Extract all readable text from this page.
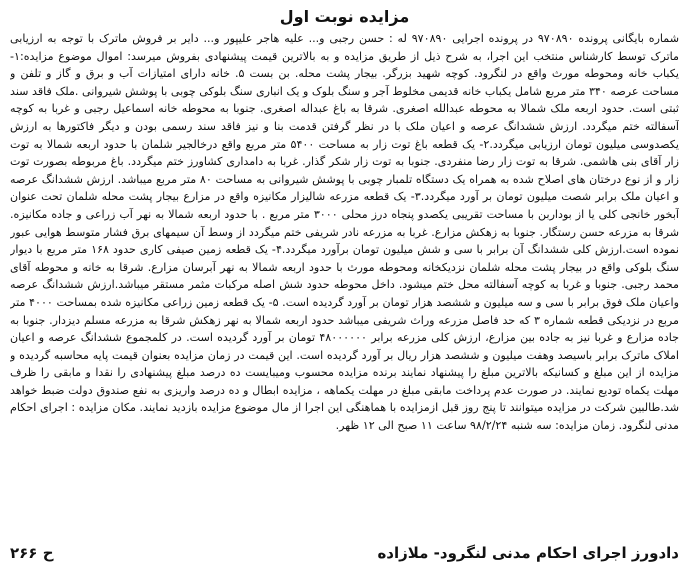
مزایده نوبت اول

شماره بایگانی پرونده ۹۷۰۸۹۰ در پرونده اجرایی ۹۷۰۸۹۰ له : حسن رجبی و... علیه هاجر علیپور و... دایر بر فروش ماترک با توجه به ارزیابی ماترک توسط کارشناس منتخب این اجرا، به شرح ذیل از طریق مزایده و به بالاترین قیمت پیشنهادی بفروش میرسد: اموال موضوع مزایده:۱- یکباب خانه ومحوطه مورث واقع در لنگرود. کوچه شهید بزرگر. بیجار پشت محله. بن بست ۵. خانه دارای امتیازات آب و برق و گاز و تلفن و مساحت عرصه ۳۴۰ متر مربع شامل یکباب خانه قدیمی مخلوط آجر و سنگ بلوک و یک انباری سنگ بلوکی چوبی با پوشش شیروانی .ملک فاقد سند ثبتی است. حدود اربعه ملک شمالا به محوطه عبدالله اصغری. شرقا به باغ عبداله اصغری. جنوبا به محوطه خانه اسماعیل رجبی و غربا به کوچه آسفالته ختم میگردد. ارزش ششدانگ عرصه و اعیان ملک با در نظر گرفتن قدمت بنا و نیز فاقد سند رسمی بودن و دیگر فاکتورها به ارزش یکصدوسی میلیون تومان ارزیابی میگردد.۲- یک قطعه باغ توت زار به مساحت ۵۴۰۰ متر مربع واقع درخالجیر شلمان با حدود اربعه شمالا به توت زار آقای بنی هاشمی. شرقا به توت زار رضا منفردی. جنوبا به توت زار شکر گذار. غربا به دامداری کشاورز ختم میگردد. باغ مربوطه بصورت توت زار و از نوع درختان های اصلاح شده به همراه یک دستگاه تلمبار چوبی با پوشش شیروانی به مساحت ۸۰ متر مربع میباشد. ارزش ششدانگ عرصه و اعیان ملک برابر شصت میلیون تومان بر آورد میگردد.۳- یک قطعه مزرعه شالیزار مکانیزه واقع در مزارع بیجار پشت محله شلمان تحت عنوان آبخور خانجی کلی یا از بوداربن با مساحت تقریبی یکصدو پنجاه درز محلی ۳۰۰۰ متر مربع . با حدود اربعه شمالا به نهر آب زراعی و جاده مکانیزه. شرقا به مزرعه حسن رستگار. جنوبا به زهکش مزارع. غربا به مزرعه نادر شریفی ختم میگردد از وسط آن سیمهای برق فشار متوسط هوایی عبور نموده است.ارزش کلی ششدانگ آن برابر با سی و شش میلیون تومان برآورد میگردد.۴- یک قطعه زمین صیفی کاری حدود ۱۶۸ متر مربع با دیوار سنگ بلوکی واقع در بیجار پشت محله شلمان نزدیکخانه ومحوطه مورث با حدود اربعه شمالا به نهر آبرسان مزارع. شرقا به خانه و محوطه آقای محمد رجبی. جنوبا و غربا به کوچه آسفالته محل ختم میشود. داخل محوطه حدود شش اصله مرکبات مثمر مستقر میباشد.ارزش ششدانگ عرصه واعیان ملک فوق برابر با سی و سه میلیون و ششصد هزار تومان بر آورد گردیده است. ۵- یک قطعه زمین زراعی مکانیزه شده بمساحت ۴۰۰۰ متر مربع در نزدیکی قطعه شماره ۳ که حد فاصل مزرعه وراث شریفی میباشد حدود اربعه شمالا به نهر زهکش شرقا به مزرعه مسلم دیزدار. جنوبا به جاده مزارع و غربا نیز به جاده بین مزارع، ارزش کلی مزرعه برابر ۴۸۰۰۰۰۰۰ تومان بر آورد گردیده است. در کلمجموع ششدانگ عرصه و اعیان املاک ماترک برابر باسیصد وهفت میلیون و ششصد هزار ریال بر آورد گردیده است. این قیمت در زمان مزایده بعنوان قیمت پایه محاسبه گردیده و مزایده از این مبلغ و کسانیکه بالاترین مبلغ را پیشنهاد نمایند برنده مزایده محسوب ومیبایست ده درصد مبلغ پیشنهادی را نقدا و مابقی را ظرف مهلت یکماه تودیع نمایند. در صورت عدم پرداخت مابقی مبلغ در مهلت یکماهه ، مزایده ابطال و ده درصد واریزی به نفع صندوق دولت ضبط خواهد شد.طالبین شرکت در مزایده میتوانند تا پنج روز قبل ازمزایده با هماهنگی این اجرا از مال موضوع مزایده بازدید نمایند. مکان مزایده : اجرای احکام مدنی لنگرود. زمان مزایده: سه شنبه ۹۸/۲/۲۴ ساعت ۱۱ صبح الی ۱۲ ظهر.

دادورز اجرای احکام مدنی لنگرود- ملازاده
ح ۲۶۶
